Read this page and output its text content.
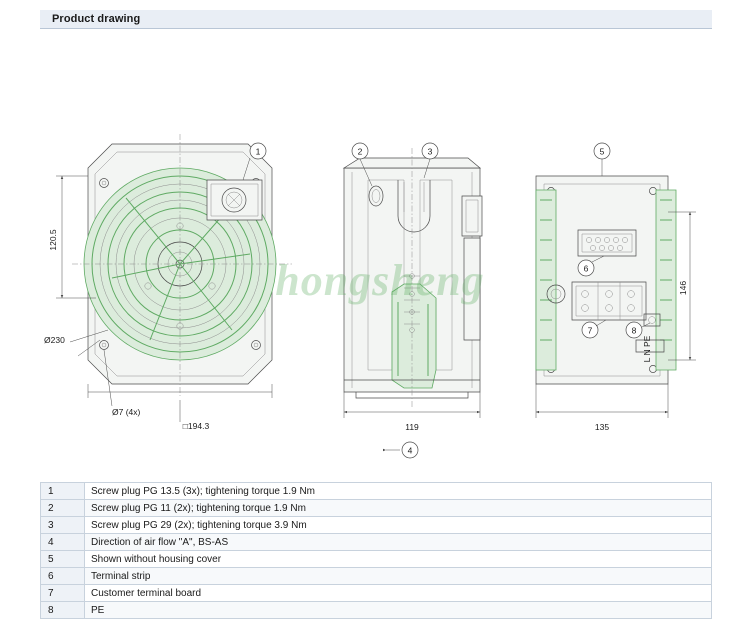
Product drawing
120.5
Ø230
Ø7 (4x)
□194.3
1
119
2	3
4
L N PE
5
6
7	8
146
135
hongsheng
1	Screw plug PG 13.5 (3x); tightening torque 1.9 Nm
2	Screw plug PG 11 (2x); tightening torque 1.9 Nm
3	Screw plug PG 29 (2x); tightening torque 3.9 Nm
4	Direction of air flow "A", BS-AS
5	Shown without housing cover
6	Terminal strip
7	Customer terminal board
8	PE
